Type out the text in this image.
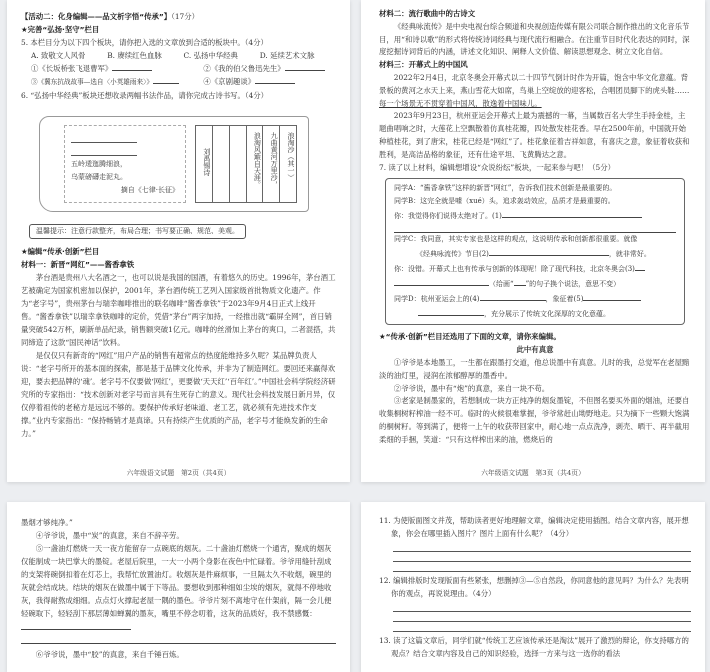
【活动二：化身编辑——品文析字悟“传承”】（17分）
★完善“弘扬·坚守”栏目
5. 本栏目分为以下四个板块，请你把入选的文章放到合适的板块中。（4分）
A. 致敬文人风骨	B. 赓续红色血脉	C. 弘扬中华经典	D. 延续艺术文脉
①《长坂桥张飞退曹军》	②《我的伯父鲁迅先生》
③《冀东抗战故事—选自〈小英雄雨来〉》	④《京剧趣谈》
6. “弘扬中华经典”板块还想收录两幅书法作品，请你完成古诗书写。（4分）
五岭逶迤腾细浪，
乌蒙磅礴走泥丸。
摘自《七律·长征》
浪淘沙（其一）
九曲黄河万里沙，
浪淘风簸自天涯。
刘禹锡诗
温馨提示：注意行款整齐，布局合理；书写要正确、规范、美观。
★编辑“传承·创新”栏目
材料一：新晋“网红”——酱香拿铁

茅台酒是贵州八大名酒之一，也可以说是我国的国酒，有着悠久的历史。1996年，茅台酒工艺被确定为国家机密加以保护，2001年，茅台酒传统工艺列入国家级首批物质文化遗产。作为“老字号”，贵州茅台与瑞幸咖啡推出的联名咖啡“酱香拿铁”于2023年9月4日正式上线开售。“酱香拿铁”以瑞幸拿铁咖啡的定价，凭借“茅台”两字加持，一经推出就“霸屏全网”，首日销量突破542万杯，刷新单品纪录，销售额突破1亿元。咖啡的丝滑加上茅台的爽口，二者混搭，共同缔造了这款“国民神话”饮料。

是仅仅只有新奇的“网红”用户产品的销售有超常点的热度能维持多久呢？某品牌负责人说：“老字号所开的基本面的探索，都是基于品牌文化传承，并非为了制造网红。要回还来赢得欢迎，要去把品牌的‘魂’。老字号不仅要做‘网红’，更要做‘天天红’‘百年红’。”中国社会科学院经济研究所的专家指出：“技术创新对老字号而言具有生死存亡的意义。现代社会科技发展日新月异，仅仅停着祖传的老秘方是远远不够的。要保护传承好老味道、老工艺，就必须有先进技术作支撑。”业内专家指出：“保持畅销才是真谛。只有持续产生优质的产品，老字号才能焕发新的生命力。”

六年级语文试题　第2页（共4页）
材料二：流行歌曲中的古诗文

《经典咏流传》是中央电视台综合频道和央视创造传媒有限公司联合制作推出的文化音乐节目，用“和诗以歌”的形式将传统诗词经典与现代流行相融合。在注重节目时代化表达的同时，深度挖掘诗词背后的内涵，讲述文化知识、阐释人文价值、解读思想观念、树立文化自信。

材料三：开幕式上的中国风

2022年2月4日，北京冬奥会开幕式以二十四节气倒计时作为开篇，饱含中华文化意蕴。背景板的黄河之水天上来，燕山雪花大如席，鸟巢上空绽放的迎客松，合唱团员脚下的虎头鞋……每一个场景无不贯穿着中国风，散逸着中国味儿。

2023年9月23日，杭州亚运会开幕式上最为震撼的一幕，当属数百名大学生手持金桂，主题曲唱响之时，大莲花上空飘散着仿真桂花瓣，四处散发桂花香。早在2500年前，中国就开始种植桂花，到了唐宋，桂花已经是“网红”了。桂花象征着吉祥如意，有喜庆之意，象征着收获和胜利，是高洁品格的象征，还有仕途平坦、飞黄腾达之意。

7. 读了以上材料，编辑想增设“众说纷纭”板块，一起来参与吧！（5分）
同学A：“酱香拿铁”这样的新晋“网红”，告诉我们技术创新是最重要的。
同学B：这完全就是噱（xué）头，追求轰动效应，品质才是最重要的。
你：我觉得你们说得太绝对了。(1)
同学C：我同意，其实专家也是这样的观点，这说明传承和创新都很重要。就像
《经典咏流传》节目(2)	，就非常好。
你：没错。开幕式上也有传承与创新的体现呢！除了现代科技，北京冬奥会(3)
（给画“ ”的句子换个说法，意思不变）
同学D：杭州亚运会上的(4)	，象征着(5)
，充分展示了传统文化深厚的文化意蕴。
★“传承·创新”栏目还选用了下面的文章，请你来编辑。
此中有真意

①爷爷是本地墨工，一生都在跟墨打交道，他总说墨中有真意。儿时的我，总觉军在老屋黯淡的油灯里，浸润在浓郁醇厚的墨香中。

②爷爷说，墨中有“炮”的真意，来自一块不苟。

③老家是制墨家的，若想制成一块方正纯净的烟炱墨锭，不但图名要买外面的烟油，还要自收集桐树籽榨油一经不可。临时的火候很难掌握，爷爷常赶山坳野地走。只为摘下一些颗大饱满的桐树籽。等到满了，便将一上午的收获带回家中，耐心地一点点洗净，剥壳、晒干、再半截用柔细的手捆，笑道：“只有这样榨出来的油，燃烧后的

六年级语文试题　第3页（共4页）

墨烟才够纯净。”

④爷爷说，墨中“炭”的真意，来自不辞辛劳。

⑤一盏油灯燃烧一天一夜方能留存一点碗底的烟灰。二十盏油灯燃烧一个通宵，聚成的烟灰仅能制成一块巴掌大的墨锭。老屋后院里，一大一小两个身影在夜色中忙碌着。爷爷用缝针刮成的支架将碗倒扣着在灯芯上，我帮忙放置油灯。收烟灰是件麻烦事，一旦隔太久不收烟，碗里的灰就会结成块。结块的烟灰在做墨中属于下等品。要想收到那种细如尘埃的烟灰，就得不停地收灰，我得耐熬成细细。点点灯火撑起老屋一隅的墨色。爷爷片刻不离地守在什架前，隔一会儿便轻碗取下，轻轻刮下那层薄如蝉翼的墨灰，嘴里不停念叨着，这灰的品质好，我不禁感慨：

⑥爷爷说，墨中“胶”的真意，来自千锤百炼。

11. 为使版面图文并茂，帮助读者更好地理解文章，编辑决定使用插图。结合文章内容，展开想象，你会在哪里插入图片？图片上面有什么呢？（4分）
12. 编辑排版时发现版面有些紧张，想删掉③—⑤自然段，你同意他的意见吗？为什么？先表明你的观点，再说说理由。（4分）
13. 读了这篇文章后，同学们就“传统工艺应该传承还是淘汰”展开了激烈的辩论，你支持哪方的观点？结合文章内容及自己的知识经验，选择一方来与这一选你的看法
